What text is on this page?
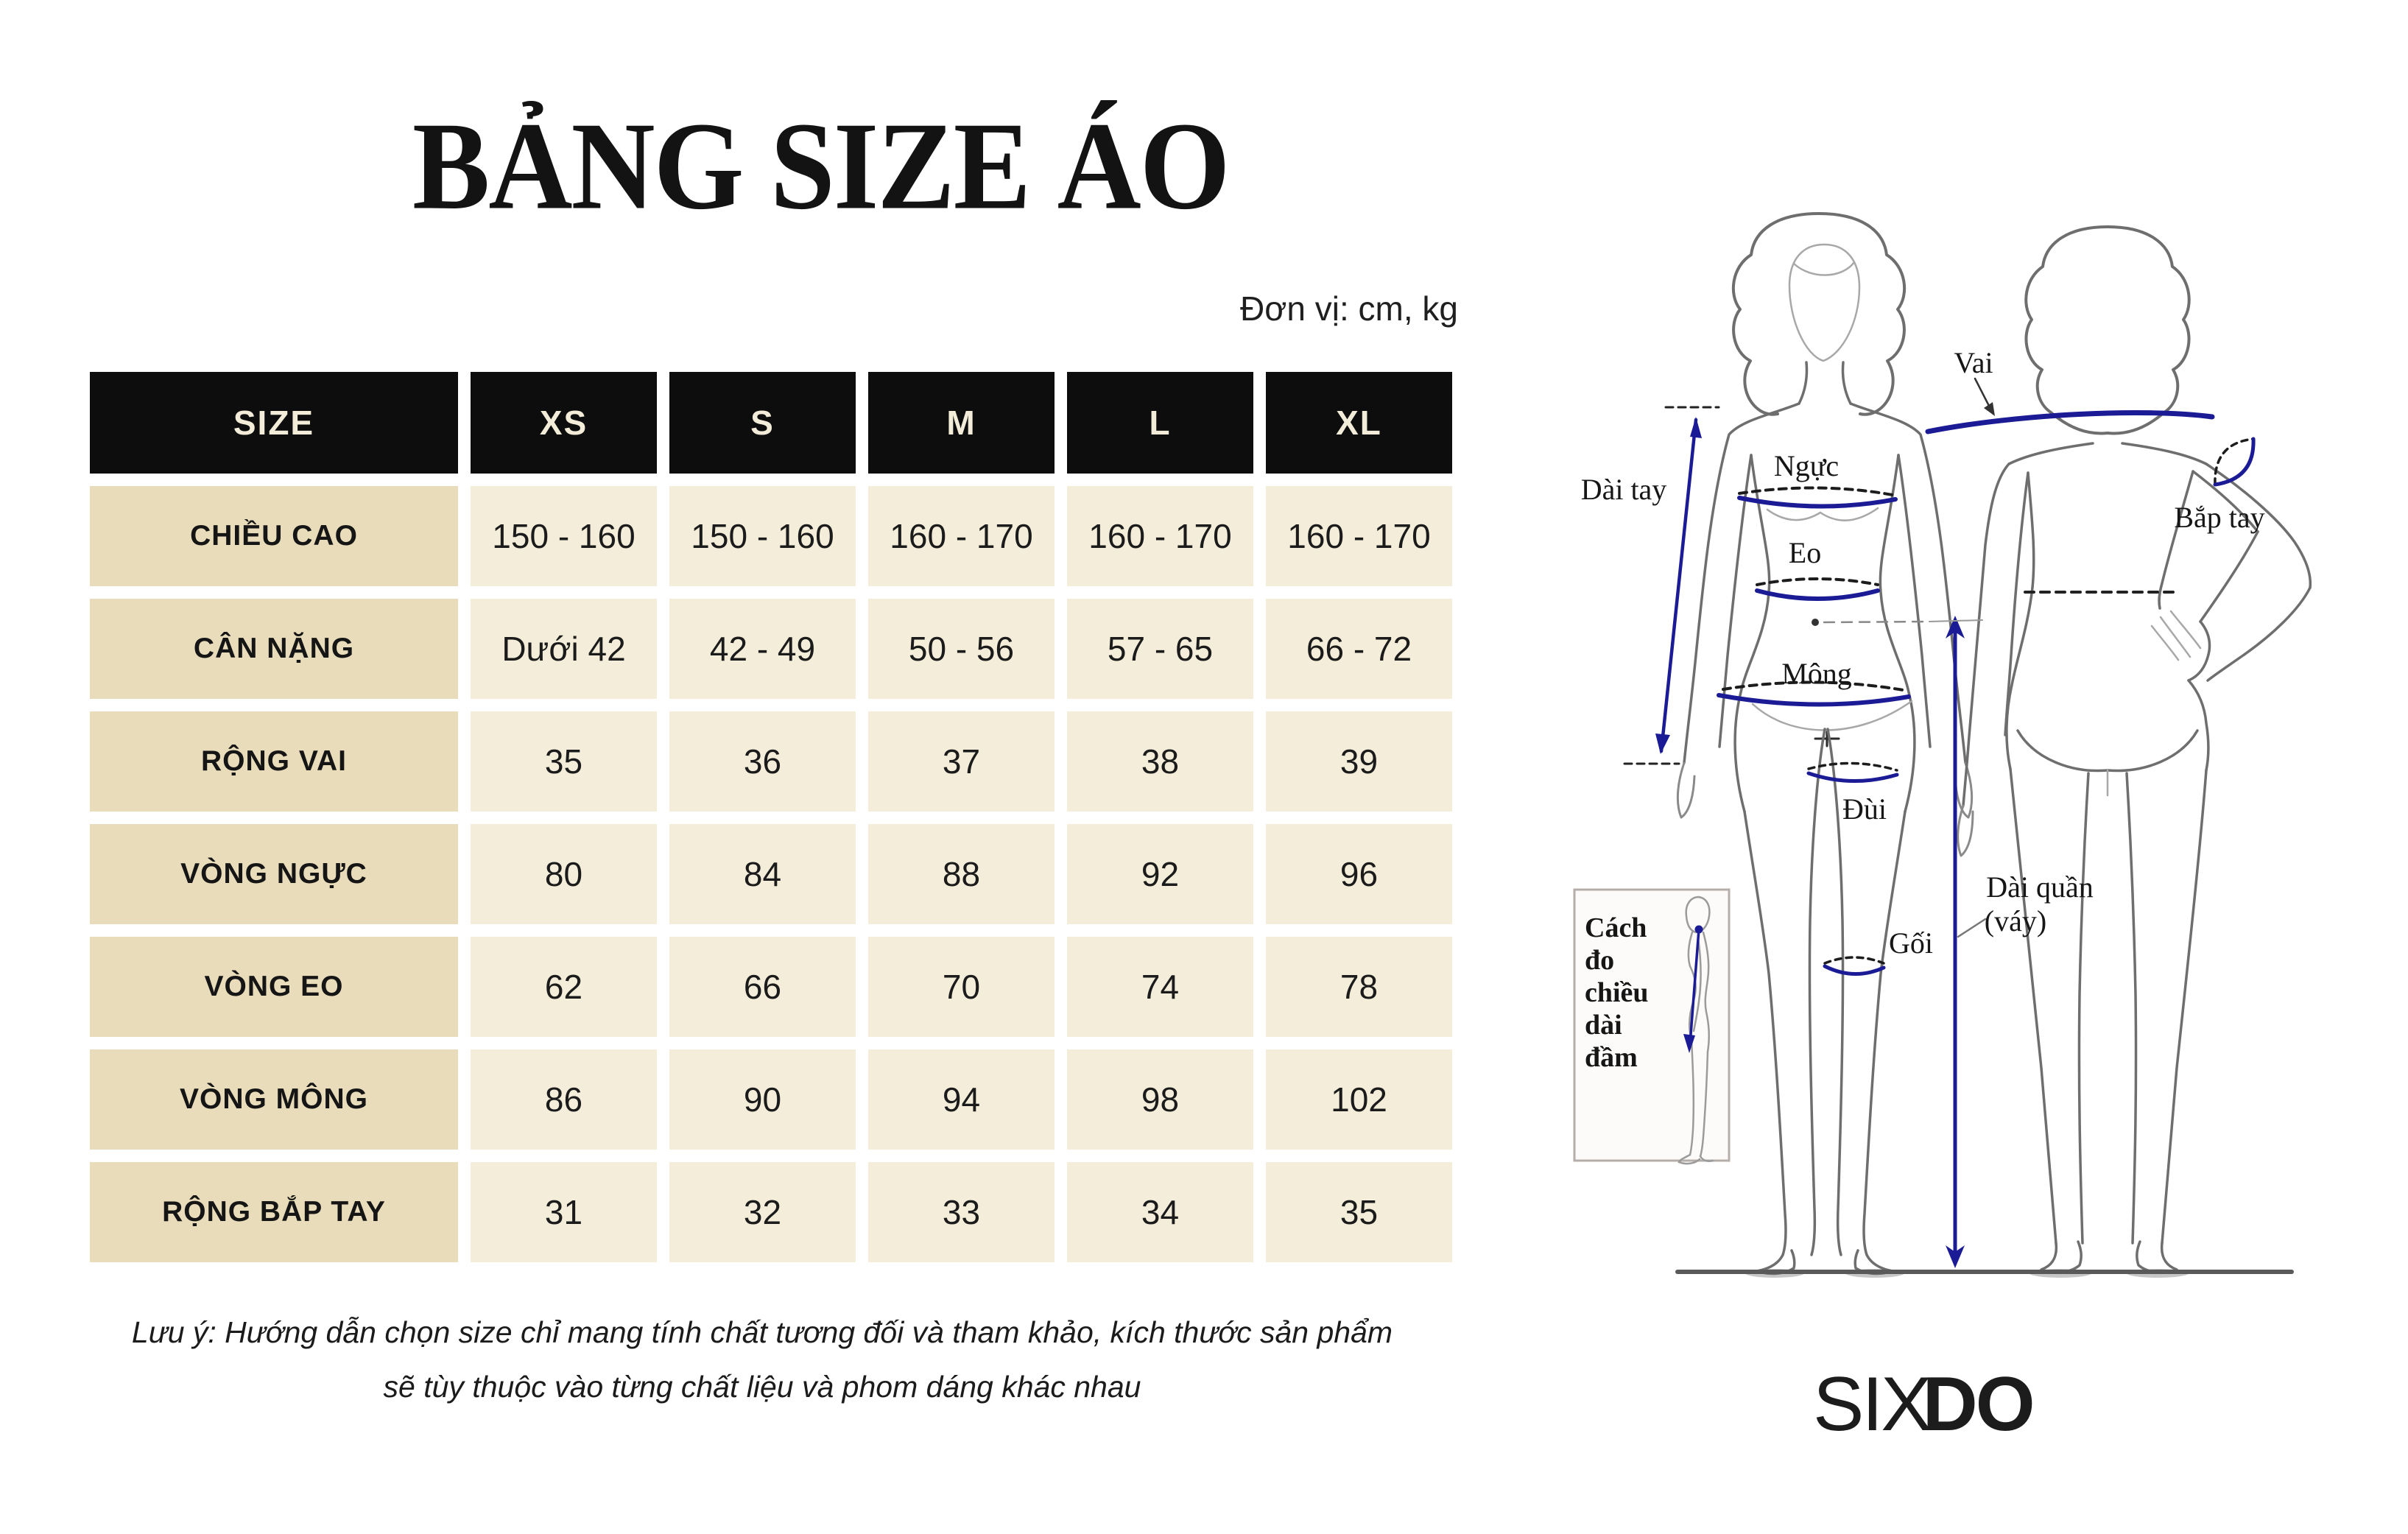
BẢNG SIZE ÁO
Đơn vị: cm, kg
SIZE	XS	S	M	L	XL
CHIỀU CAO	150 - 160	150 - 160	160 - 170	160 - 170	160 - 170
CÂN NẶNG	Dưới 42	42 - 49	50 - 56	57 - 65	66 - 72
RỘNG VAI	35	36	37	38	39
VÒNG NGỰC	80	84	88	92	96
VÒNG EO	62	66	70	74	78
VÒNG MÔNG	86	90	94	98	102
RỘNG BẮP TAY	31	32	33	34	35
Lưu ý: Hướng dẫn chọn size chỉ mang tính chất tương đối và tham khảo, kích thước sản phẩm
sẽ tùy thuộc vào từng chất liệu và phom dáng khác nhau
Cách
đo
chiều
dài
đầm
Vai
Ngực
Eo
Mông
Đùi
Gối
Dài tay
Bắp tay
Dài quần
(váy)
SIXDO
